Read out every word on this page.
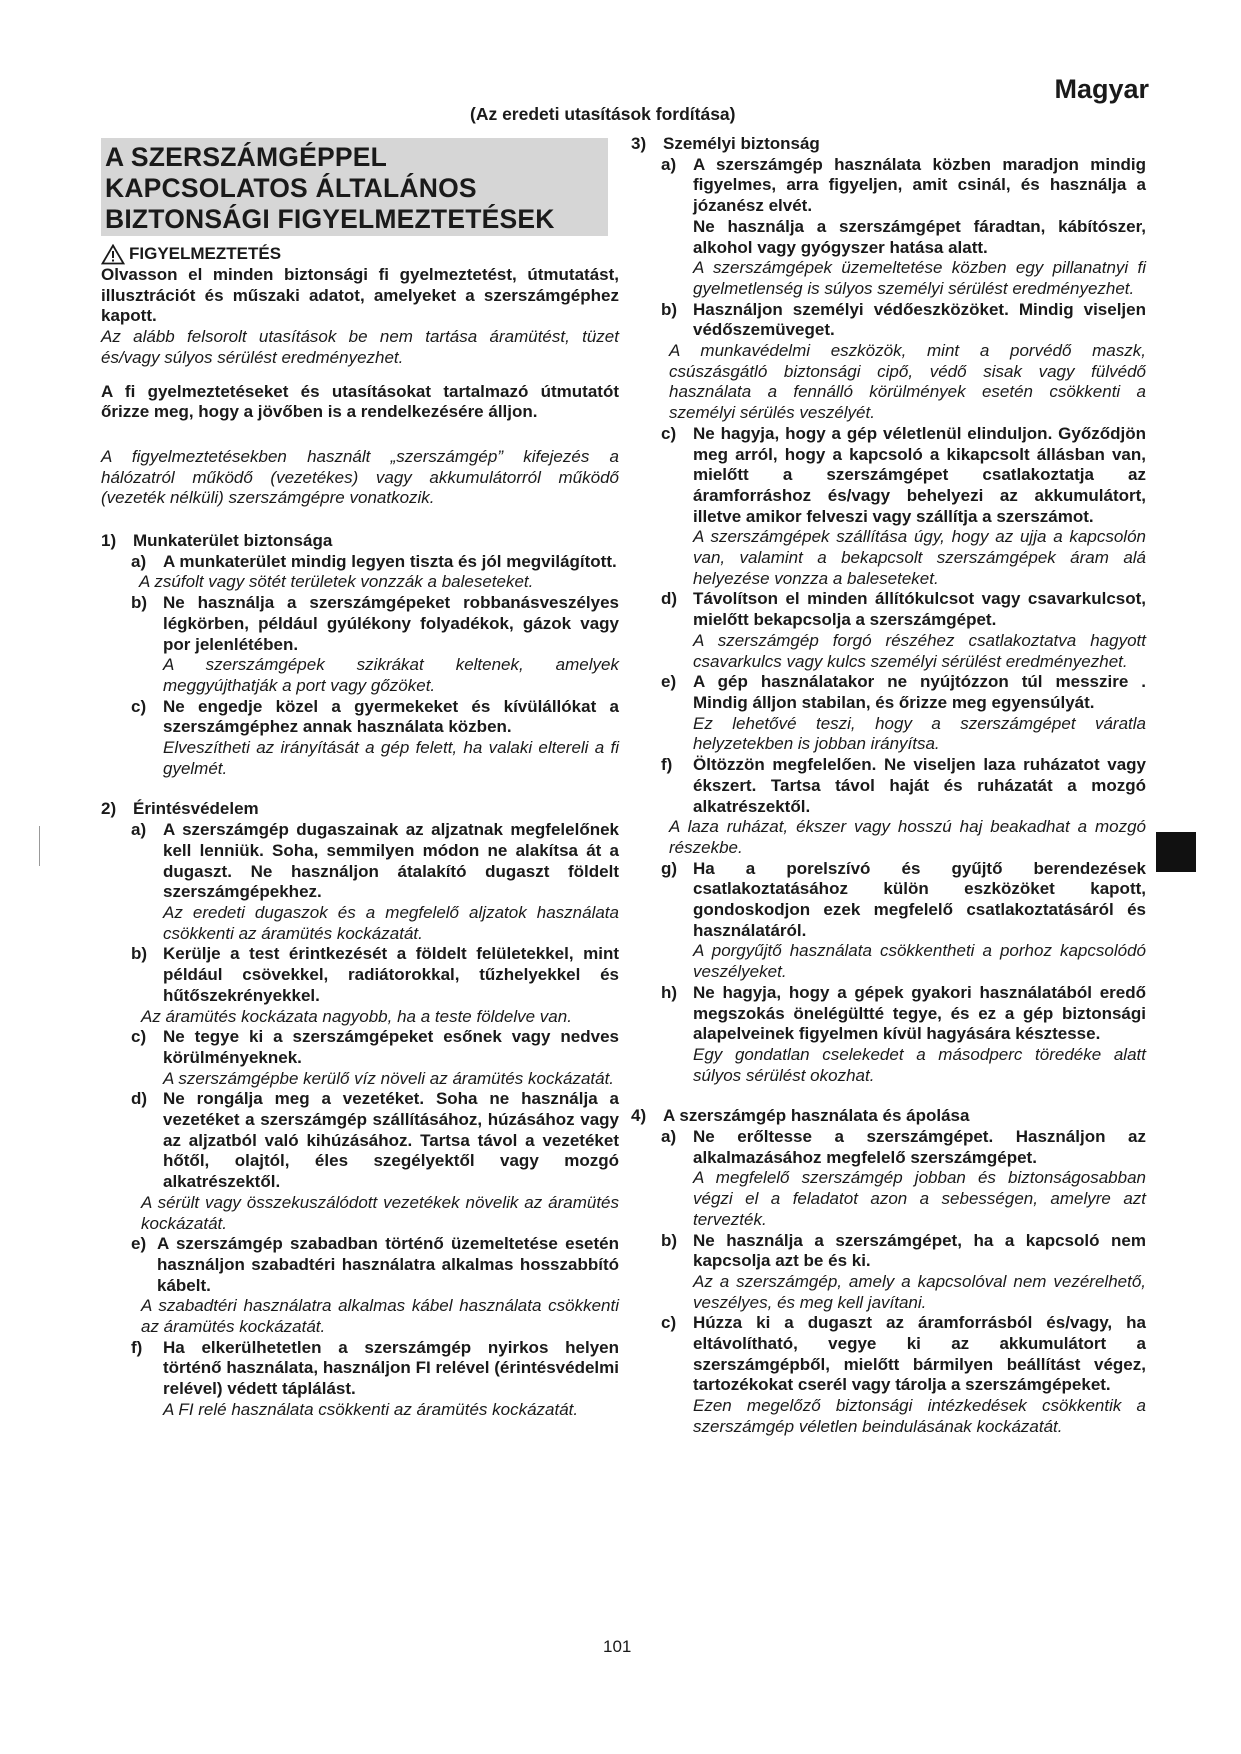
Magyar
(Az eredeti utasítások fordítása)
A SZERSZÁMGÉPPEL
KAPCSOLATOS ÁLTALÁNOS
BIZTONSÁGI FIGYELMEZTETÉSEK
FIGYELMEZTETÉS
Olvasson el minden biztonsági fi gyelmeztetést, útmutatást, illusztrációt és műszaki adatot, amelyeket a szerszámgéphez kapott.
Az alább felsorolt utasítások be nem tartása áramütést, tüzet és/vagy súlyos sérülést eredményezhet.
A fi gyelmeztetéseket és utasításokat tartalmazó útmutatót őrizze meg, hogy a jövőben is a rendelkezésére álljon.
A figyelmeztetésekben használt „szerszámgép” kifejezés a hálózatról működő (vezetékes) vagy akkumulátorról működő (vezeték nélküli) szerszámgépre vonatkozik.
1) Munkaterület biztonsága
a) A munkaterület mindig legyen tiszta és jól megvilágított.
A zsúfolt vagy sötét területek vonzzák a baleseteket.
b) Ne használja a szerszámgépeket robbanásveszélyes légkörben, például gyúlékony folyadékok, gázok vagy por jelenlétében.
A szerszámgépek szikrákat keltenek, amelyek meggyújthatják a port vagy gőzöket.
c) Ne engedje közel a gyermekeket és kívülállókat a szerszámgéphez annak használata közben.
Elveszítheti az irányítását a gép felett, ha valaki eltereli a fi gyelmét.
2) Érintésvédelem
a) A szerszámgép dugaszainak az aljzatnak megfelelőnek kell lenniük. Soha, semmilyen módon ne alakítsa át a dugaszt. Ne használjon átalakító dugaszt földelt szerszámgépekhez.
Az eredeti dugaszok és a megfelelő aljzatok használata csökkenti az áramütés kockázatát.
b) Kerülje a test érintkezését a földelt felületekkel, mint például csövekkel, radiátorokkal, tűzhelyekkel és hűtőszekrényekkel.
Az áramütés kockázata nagyobb, ha a teste földelve van.
c) Ne tegye ki a szerszámgépeket esőnek vagy nedves körülményeknek.
A szerszámgépbe kerülő víz növeli az áramütés kockázatát.
d) Ne rongálja meg a vezetéket. Soha ne használja a vezetéket a szerszámgép szállításához, húzásához vagy az aljzatból való kihúzásához. Tartsa távol a vezetéket hőtől, olajtól, éles szegélyektől vagy mozgó alkatrészektől.
A sérült vagy összekuszálódott vezetékek növelik az áramütés kockázatát.
e) A szerszámgép szabadban történő üzemeltetése esetén használjon szabadtéri használatra alkalmas hosszabbító kábelt.
A szabadtéri használatra alkalmas kábel használata csökkenti az áramütés kockázatát.
f)	Ha elkerülhetetlen a szerszámgép nyirkos helyen történő használata, használjon FI relével (érintésvédelmi relével) védett táplálást.
A FI relé használata csökkenti az áramütés kockázatát.
3) Személyi biztonság
a) A szerszámgép használata közben maradjon mindig figyelmes, arra figyeljen, amit csinál, és használja a józanész elvét.
Ne használja a szerszámgépet fáradtan, kábítószer, alkohol vagy gyógyszer hatása alatt.
A szerszámgépek üzemeltetése közben egy pillanatnyi fi gyelmetlenség is súlyos személyi sérülést eredményezhet.
b) Használjon személyi védőeszközöket. Mindig viseljen védőszemüveget.
A munkavédelmi eszközök, mint a porvédő maszk, csúszásgátló biztonsági cipő, védő sisak vagy fülvédő használata a fennálló körülmények esetén csökkenti a személyi sérülés veszélyét.
c) Ne hagyja, hogy a gép véletlenül elinduljon. Győződjön meg arról, hogy a kapcsoló a kikapcsolt állásban van, mielőtt a szerszámgépet csatlakoztatja az áramforráshoz és/vagy behelyezi az akkumulátort, illetve amikor felveszi vagy szállítja a szerszámot.
A szerszámgépek szállítása úgy, hogy az ujja a kapcsolón van, valamint a bekapcsolt szerszámgépek áram alá helyezése vonzza a baleseteket.
d) Távolítson el minden állítókulcsot vagy csavarkulcsot, mielőtt bekapcsolja a szerszámgépet.
A szerszámgép forgó részéhez csatlakoztatva hagyott csavarkulcs vagy kulcs személyi sérülést eredményezhet.
e) A gép használatakor ne nyújtózzon túl messzire . Mindig álljon stabilan, és őrizze meg egyensúlyát.
Ez lehetővé teszi, hogy a szerszámgépet váratla helyzetekben is jobban irányítsa.
f)	Öltözzön megfelelően. Ne viseljen laza ruházatot vagy ékszert. Tartsa távol haját és ruházatát a mozgó alkatrészektől.
A laza ruházat, ékszer vagy hosszú haj beakadhat a mozgó részekbe.
g) Ha a porelszívó és gyűjtő berendezések csatlakoztatásához külön eszközöket kapott, gondoskodjon ezek megfelelő csatlakoztatásáról és használatáról.
A porgyűjtő használata csökkentheti a porhoz kapcsolódó veszélyeket.
h) Ne hagyja, hogy a gépek gyakori használatából eredő megszokás önelégültté tegye, és ez a gép biztonsági alapelveinek figyelmen kívül hagyására késztesse.
Egy gondatlan cselekedet a másodperc töredéke alatt súlyos sérülést okozhat.
4) A szerszámgép használata és ápolása
a) Ne erőltesse a szerszámgépet. Használjon az alkalmazásához megfelelő szerszámgépet.
A megfelelő szerszámgép jobban és biztonságosabban végzi el a feladatot azon a sebességen, amelyre azt tervezték.
b) Ne használja a szerszámgépet, ha a kapcsoló nem kapcsolja azt be és ki.
Az a szerszámgép, amely a kapcsolóval nem vezérelhető, veszélyes, és meg kell javítani.
c) Húzza ki a dugaszt az áramforrásból és/vagy, ha eltávolítható, vegye ki az akkumulátort a szerszámgépből, mielőtt bármilyen beállítást végez, tartozékokat cserél vagy tárolja a szerszámgépeket.
Ezen megelőző biztonsági intézkedések csökkentik a szerszámgép véletlen beindulásának kockázatát.
101
